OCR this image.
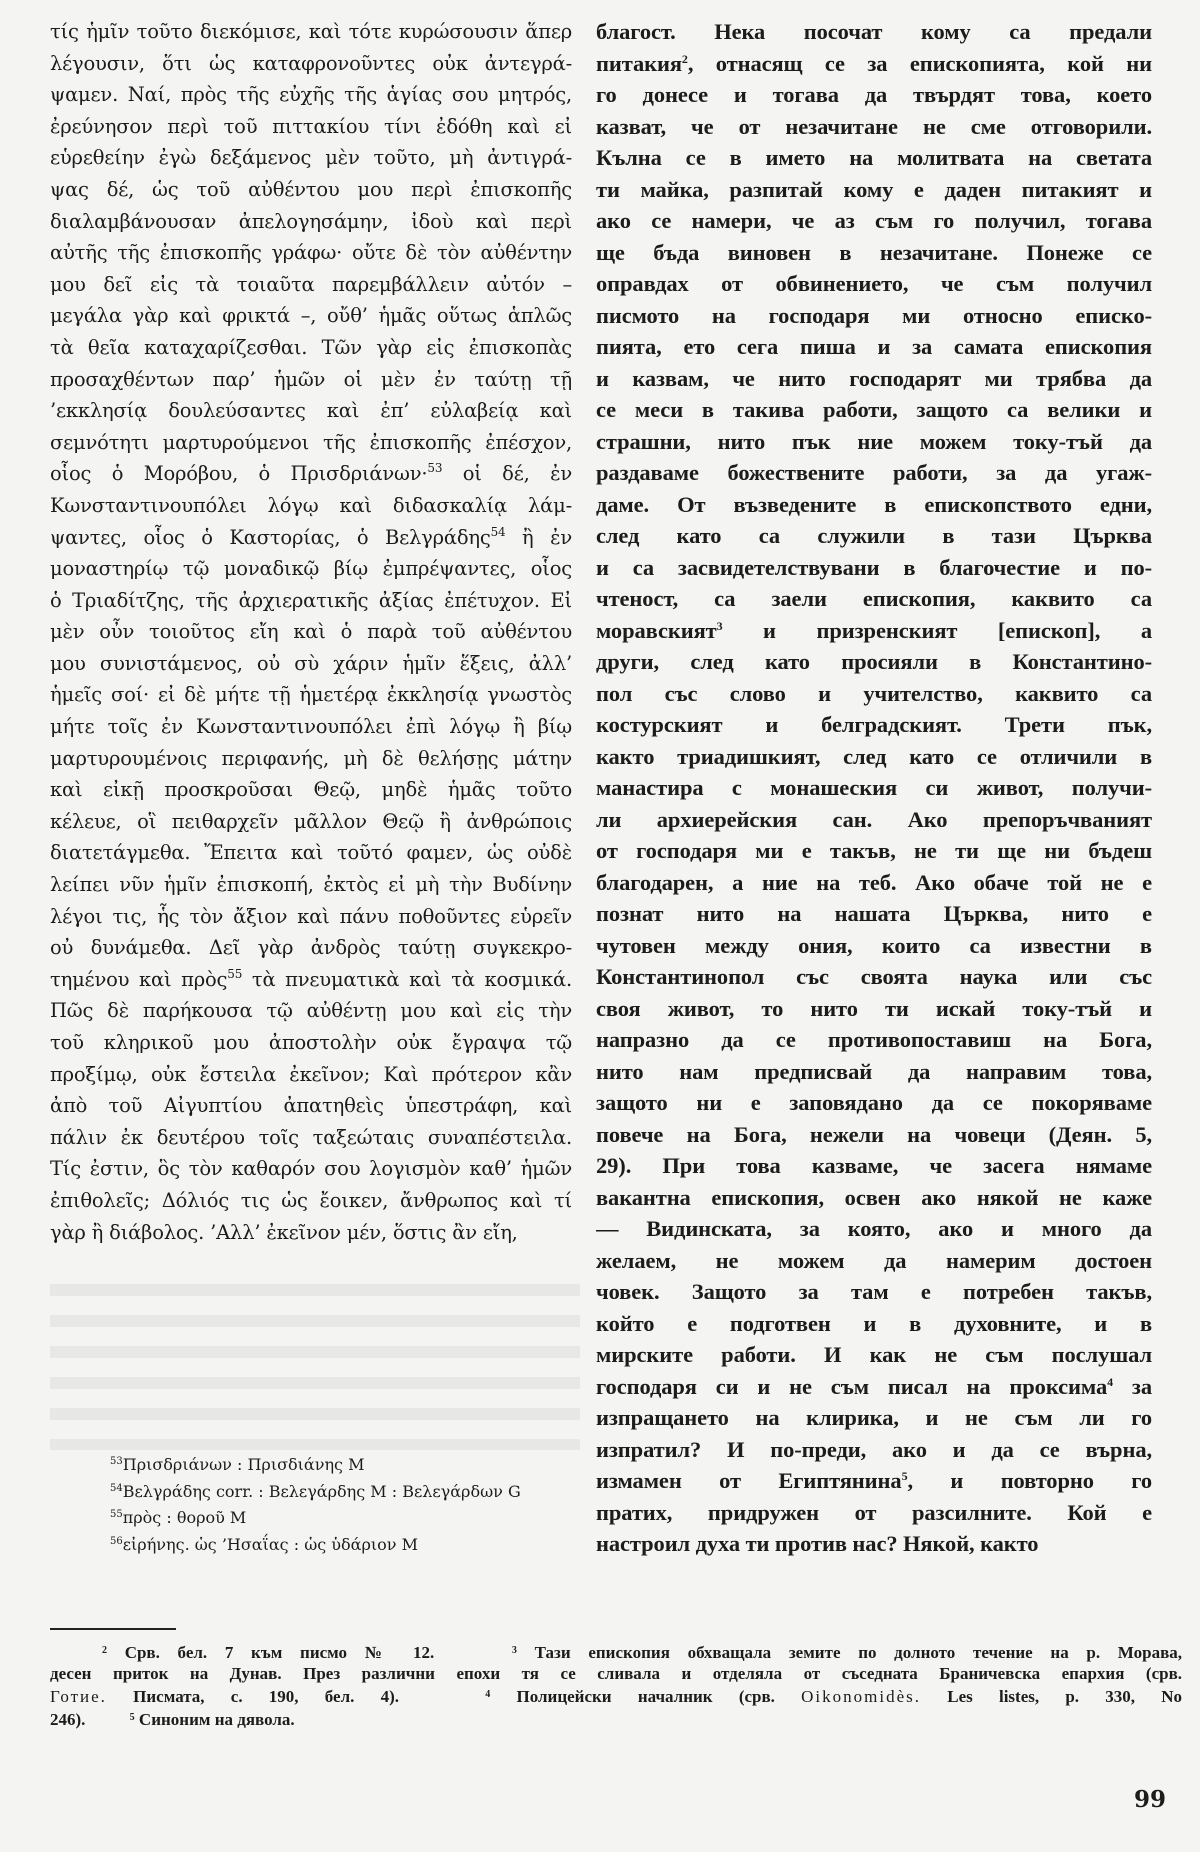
τίς ἡμῖν τοῦτο διεκόμισε, καὶ τότε κυρώσουσιν ἅπερ
λέγουσιν, ὅτι ὡς καταφρονοῦντες οὐκ ἀντεγρά-
ψαμεν. Ναί, πρὸς τῆς εὐχῆς τῆς ἁγίας σου μητρός,
ἐρεύνησον περὶ τοῦ πιττακίου τίνι ἐδόθη καὶ εἰ
εὑρεθείην ἐγὼ δεξάμενος μὲν τοῦτο, μὴ ἀντιγρά-
ψας δέ, ὡς τοῦ αὐθέντου μου περὶ ἐπισκοπῆς
διαλαμβάνουσαν ἀπελογησάμην, ἰδοὺ καὶ περὶ
αὐτῆς τῆς ἐπισκοπῆς γράφω· οὔτε δὲ τὸν αὐθέντην
μου δεῖ εἰς τὰ τοιαῦτα παρεμβάλλειν αὐτόν –
μεγάλα γὰρ καὶ φρικτά –, οὔθ’ ἡμᾶς οὕτως ἁπλῶς
τὰ θεῖα καταχαρίζεσθαι. Τῶν γὰρ εἰς ἐπισκοπὰς
προσαχθέντων παρ’ ἡμῶν οἱ μὲν ἐν ταύτῃ τῇ
’εκκλησίᾳ δουλεύσαντες καὶ ἐπ’ εὐλαβείᾳ καὶ
σεμνότητι μαρτυρούμενοι τῆς ἐπισκοπῆς ἐπέσχον,
οἷος ὁ Μορόβου, ὁ Πρισδριάνων·$^{53}$ οἱ δέ, ἐν
Κωνσταντινουπόλει λόγῳ καὶ διδασκαλίᾳ λάμ-
ψαντες, οἷος ὁ Καστορίας, ὁ Βελγράδης$^{54}$ ἢ ἐν
μοναστηρίῳ τῷ μοναδικῷ βίῳ ἐμπρέψαντες, οἷος
ὁ Τριαδίτζης, τῆς ἀρχιερατικῆς ἀξίας ἐπέτυχον. Εἰ
μὲν οὖν τοιοῦτος εἴη καὶ ὁ παρὰ τοῦ αὐθέντου
μου συνιστάμενος, οὐ σὺ χάριν ἡμῖν ἕξεις, ἀλλ’
ἡμεῖς σοί· εἰ δὲ μήτε τῇ ἡμετέρᾳ ἐκκλησίᾳ γνωστὸς
μήτε τοῖς ἐν Κωνσταντινουπόλει ἐπὶ λόγῳ ἢ βίῳ
μαρτυρουμένοις περιφανής, μὴ δὲ θελήσῃς μάτην
καὶ εἰκῇ προσκροῦσαι Θεῷ, μηδὲ ἡμᾶς τοῦτο
κέλευε, οἳ πειθαρχεῖν μᾶλλον Θεῷ ἢ ἀνθρώποις
διατετάγμεθα. Ἔπειτα καὶ τοῦτό φαμεν, ὡς οὐδὲ
λείπει νῦν ἡμῖν ἐπισκοπή, ἐκτὸς εἰ μὴ τὴν Βυδίνην
λέγοι τις, ἧς τὸν ἄξιον καὶ πάνυ ποθοῦντες εὑρεῖν
οὐ δυνάμεθα. Δεῖ γὰρ ἀνδρὸς ταύτῃ συγκεκρο-
τημένου καὶ πρὸς$^{55}$ τὰ πνευματικὰ καὶ τὰ κοσμικά.
Πῶς δὲ παρήκουσα τῷ αὐθέντῃ μου καὶ εἰς τὴν
τοῦ κληρικοῦ μου ἀποστολὴν οὐκ ἔγραψα τῷ
προξίμῳ, οὐκ ἔστειλα ἐκεῖνον; Καὶ πρότερον κἂν
ἀπὸ τοῦ Αἰγυπτίου ἀπατηθεὶς ὑπεστράφη, καὶ
πάλιν ἐκ δευτέρου τοῖς ταξεώταις συναπέστειλα.
Τίς ἐστιν, ὃς τὸν καθαρόν σου λογισμὸν καθ’ ἡμῶν
ἐπιθολεῖς; Δόλιός τις ὡς ἔοικεν, ἄνθρωπος καὶ τί
γὰρ ἢ διάβολος. ’Αλλ’ ἐκεῖνον μέν, ὅστις ἂν εἴη,
благост. Нека посочат кому са предали
питакия$^2$, отнасящ се за епископията, кой ни
го донесе и тогава да твърдят това, което
казват, че от незачитане не сме отговорили.
Кълна се в името на молитвата на светата
ти майка, разпитай кому е даден питакият и
ако се намери, че аз съм го получил, тогава
ще бъда виновен в незачитане. Понеже се
оправдах от обвинението, че съм получил
писмото на господаря ми относно еписко-
пията, ето сега пиша и за самата епископия
и казвам, че нито господарят ми трябва да
се меси в такива работи, защото са велики и
страшни, нито пък ние можем току-тъй да
раздаваме божествените работи, за да угаж-
даме. От възведените в епископството едни,
след като са служили в тази Църква
и са засвидетелствувани в благочестие и по-
чтеност, са заели епископия, каквито са
моравският$^3$ и призренският [епископ], а
други, след като просияли в Константино-
пол със слово и учителство, каквито са
костурският и белградският. Трети пък,
както триадишкият, след като се отличили в
манастира с монашеския си живот, получи-
ли архиерейския сан. Ако препоръчваният
от господаря ми е такъв, не ти ще ни бъдеш
благодарен, а ние на теб. Ако обаче той не е
познат нито на нашата Църква, нито е
чутовен между ония, които са известни в
Константинопол със своята наука или със
своя живот, то нито ти искай току-тъй и
напразно да се противопоставиш на Бога,
нито нам предписвай да направим това,
защото ни е заповядано да се покоряваме
повече на Бога, нежели на човеци (Деян. 5,
29). При това казваме, че засега нямаме
вакантна епископия, освен ако някой не каже
— Видинската, за която, ако и много да
желаем, не можем да намерим достоен
човек. Защото за там е потребен такъв,
който е подготвен и в духовните, и в
мирските работи. И как не съм послушал
господаря си и не съм писал на проксима$^4$ за
изпращането на клирика, и не съм ли го
изпратил? И по-преди, ако и да се върна,
измамен от Египтянина$^5$, и повторно го
пратих, придружен от разсилните. Кой е
настроил духа ти против нас? Някой, както
$^{53}$Πρισδριάνων : Πρισδιάνης M
$^{54}$Βελγράδης corr. : Βελεγάρδης M : Βελεγάρδων G
$^{55}$πρὸς : θοροῦ M
$^{56}$εἰρήνης. ὡς ’Ησαΐας : ὡς ὑδάριον M
$^2$ Срв. бел. 7 към писмо № 12.	$^3$ Тази епископия обхващала земите по долното течение на р. Морава,
десен приток на Дунав. През различни епохи тя се сливала и отделяла от съседната Браничевска епархия (срв.
Готие. Писмата, с. 190, бел. 4).	$^4$ Полицейски началник (срв. Oikonomidès. Les listes, p. 330, No
246).	$^5$ Синоним на дявола.
99
